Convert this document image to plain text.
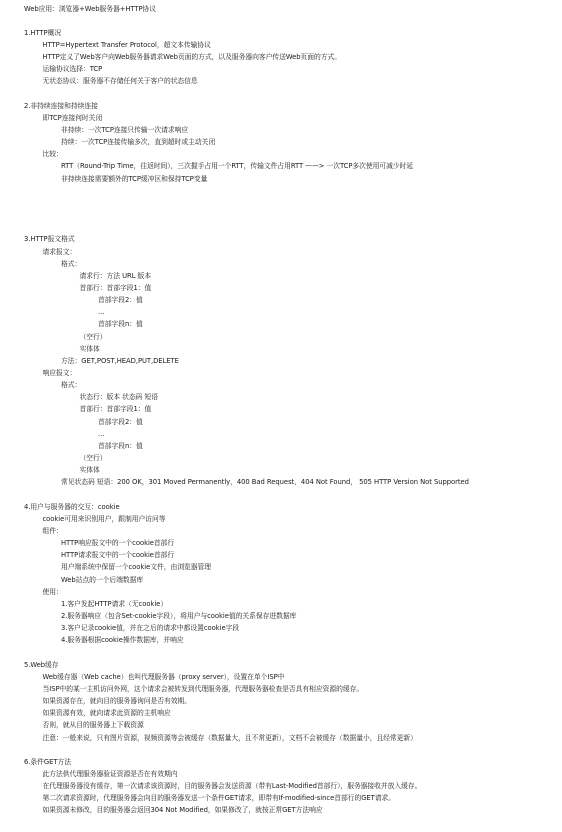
Web应用：浏览器+Web服务器+HTTP协议
1.HTTP概况
HTTP=Hypertext Transfer Protocol，超文本传输协议
HTTP定义了Web客户向Web服务器请求Web页面的方式，以及服务器向客户传送Web页面的方式。
运输协议选择：TCP
无状态协议：服务器不存储任何关于客户的状态信息
2.非持续连接和持续连接
即TCP连接何时关闭
非持续：一次TCP连接只传输一次请求响应
持续：一次TCP连接传输多次，直到超时或主动关闭
比较：
RTT（Round-Trip Time，往返时间），三次握手占用一个RTT，传输文件占用RTT ——> 一次TCP多次使用可减少时延
非持续连接需要额外的TCP缓冲区和保持TCP变量
3.HTTP报文格式
请求报文：
格式：
请求行：方法 URL 版本
首部行：首部字段1：值
首部字段2：值
...
首部字段n：值
（空行）
实体体
方法：GET,POST,HEAD,PUT,DELETE
响应报文：
格式：
状态行：版本 状态码 短语
首部行：首部字段1：值
首部字段2：值
...
首部字段n：值
（空行）
实体体
常见状态码 短语：200 OK，301 Moved Permanently，400 Bad Request，404 Not Found， 505 HTTP Version Not Supported
4.用户与服务器的交互：cookie
cookie可用来识别用户，跟制用户访问等
组件：
HTTP响应报文中的一个cookie首部行
HTTP请求报文中的一个cookie首部行
用户端系统中保留一个cookie文件，由浏览器管理
Web站点的一个后端数据库
使用：
1.客户发起HTTP请求（无cookie）
2.服务器响应（包含Set-cookie字段），将用户与cookie值的关系保存进数据库
3.客户记录cookie值，并在之后的请求中都设置cookie字段
4.服务器根据cookie操作数据库，并响应
5.Web缓存
Web缓存器（Web cache）也叫代理服务器（proxy server），设置在单个ISP中
当ISP中的某一主机访问外网，这个请求会被转发到代理服务器，代理服务器检查是否具有相应资源的缓存。
如果资源存在，就向目的服务器询问是否有效期。
如果资源有效，就向请求此资源的主机响应
否则，就从目的服务器上下载资源
注意：一般来说，只有图片资源，视频资源等会被缓存（数据量大，且不常更新），文档不会被缓存（数据量小，且经常更新）
6.条件GET方法
此方法供代理服务器验证资源是否在有效期内
在代理服务器没有缓存，第一次请求该资源时，目的服务器会发送资源（带有Last-Modified首部行），服务器接收并放入缓存。
第二次请求资源时，代理服务器会向目的服务器发送一个条件GET请求，即带有If-modified-since首部行的GET请求。
如果资源未修改，目的服务器会返回304 Not Modified，如果修改了，就按正常GET方法响应
